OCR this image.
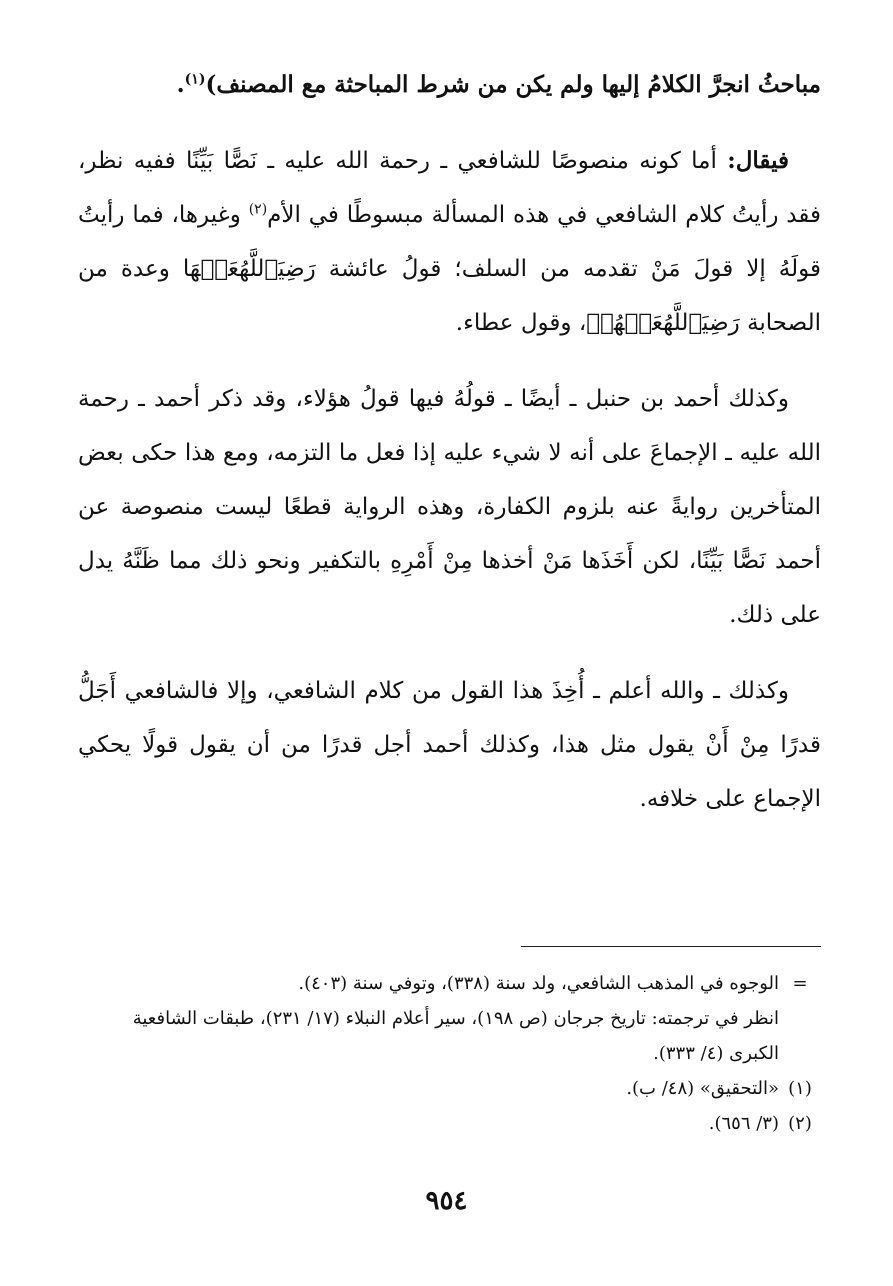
مباحثُ انجرَّ الكلامُ إليها ولم يكن من شرط المباحثة مع المصنف)$^{(١)}$.

فيقال: أما كونه منصوصًا للشافعي ـ رحمة الله عليه ـ نَصًّا بَيِّنًا ففيه نظر، فقد رأيتُ كلام الشافعي في هذه المسألة مبسوطًا في الأم$^{(٢)}$ وغيرها، فما رأيتُ قولَهُ إلا قولَ مَنْ تقدمه من السلف؛ قولُ عائشة رَضِيَٱللَّهُعَنۡهَا وعدة من الصحابة رَضِيَٱللَّهُعَنۡهُمۡ، وقول عطاء.

وكذلك أحمد بن حنبل ـ أيضًا ـ قولُهُ فيها قولُ هؤلاء، وقد ذكر أحمد ـ رحمة الله عليه ـ الإجماعَ على أنه لا شيء عليه إذا فعل ما التزمه، ومع هذا حكى بعض المتأخرين روايةً عنه بلزوم الكفارة، وهذه الرواية قطعًا ليست منصوصة عن أحمد نَصًّا بَيِّنًا، لكن أَخَذَها مَنْ أخذها مِنْ أَمْرِهِ بالتكفير ونحو ذلك مما ظَنَّهُ يدل على ذلك.

وكذلك ـ والله أعلم ـ أُخِذَ هذا القول من كلام الشافعي، وإلا فالشافعي أَجَلُّ قدرًا مِنْ أَنْ يقول مثل هذا، وكذلك أحمد أجل قدرًا من أن يقول قولًا يحكي الإجماع على خلافه.

=
الوجوه في المذهب الشافعي، ولد سنة (٣٣٨)، وتوفي سنة (٤٠٣).

انظر في ترجمته: تاريخ جرجان (ص ١٩٨)، سير أعلام النبلاء (١٧/ ٢٣١)، طبقات الشافعية الكبرى (٤/ ٣٣٣).

(١)
«التحقيق» (٤٨/ ب).
(٢)
(٣/ ٦٥٦).
٩٥٤
